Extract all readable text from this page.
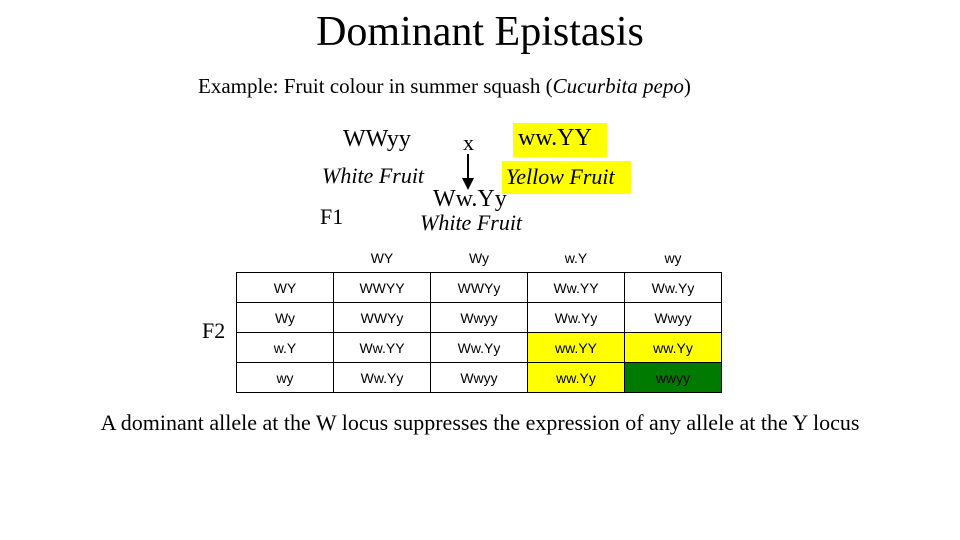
Dominant Epistasis
Example: Fruit colour in summer squash (Cucurbita pepo)
WWyy x ww.YY
White Fruit	Yellow Fruit
F1
Ww.Yy
White Fruit
F2
	WY	Wy	w.Y	wy
WY	WWYY	WWYy	Ww.YY	Ww.Yy
Wy	WWYy	Wwyy	Ww.Yy	Wwyy
w.Y	Ww.YY	Ww.Yy	ww.YY	ww.Yy
wy	Ww.Yy	Wwyy	ww.Yy	wwyy
A dominant allele at the W locus suppresses the expression of any allele at the Y locus
